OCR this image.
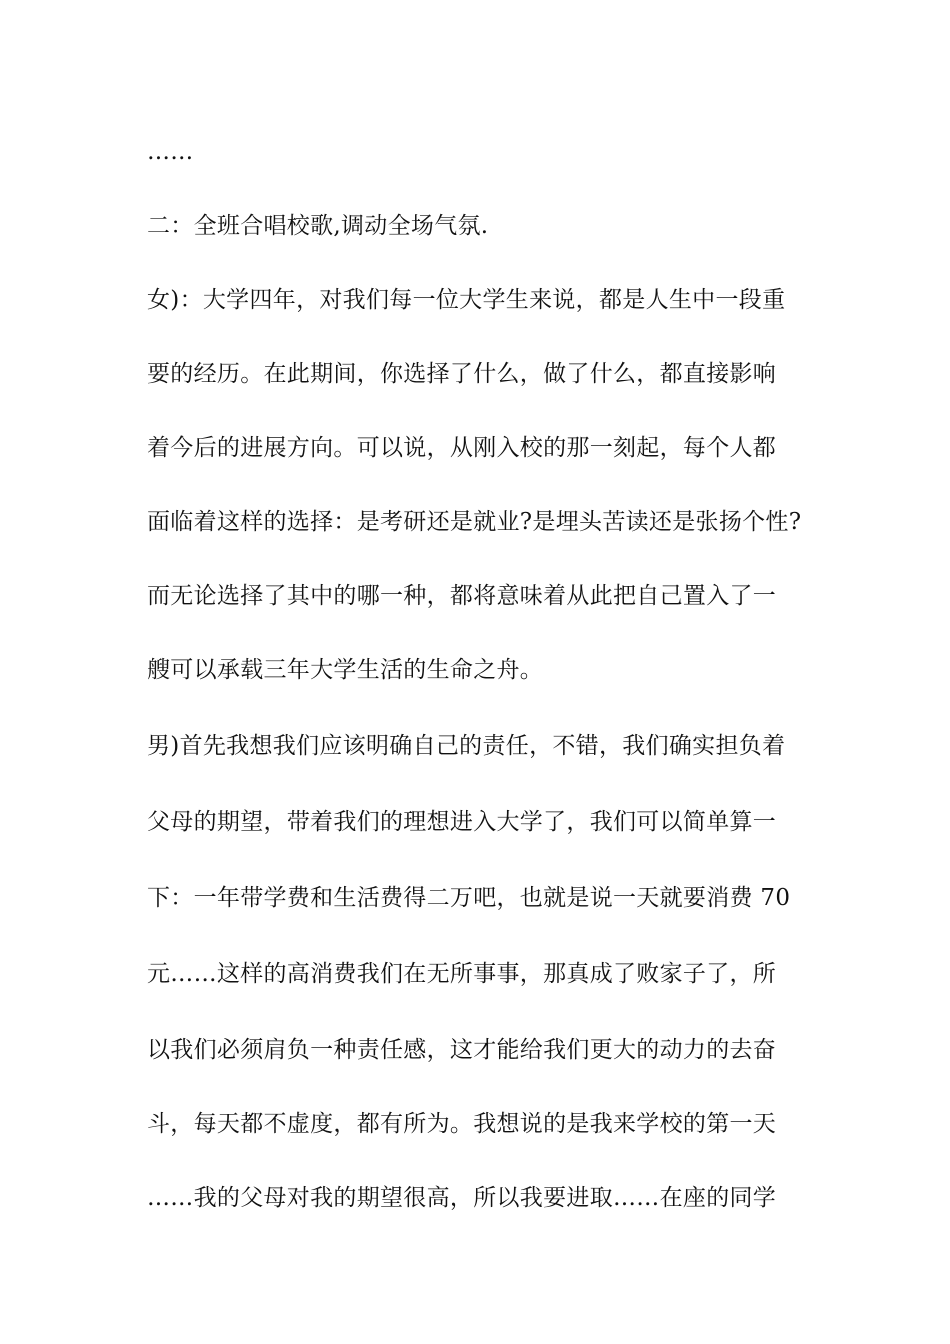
……
二：全班合唱校歌,调动全场气氛.
女)：大学四年，对我们每一位大学生来说，都是人生中一段重
要的经历。在此期间，你选择了什么，做了什么，都直接影响
着今后的进展方向。可以说，从刚入校的那一刻起，每个人都
面临着这样的选择：是考研还是就业?是埋头苦读还是张扬个性?
而无论选择了其中的哪一种，都将意味着从此把自己置入了一
艘可以承载三年大学生活的生命之舟。
男)首先我想我们应该明确自己的责任，不错，我们确实担负着
父母的期望，带着我们的理想进入大学了，我们可以简单算一
下：一年带学费和生活费得二万吧，也就是说一天就要消费 70
元……这样的高消费我们在无所事事，那真成了败家子了，所
以我们必须肩负一种责任感，这才能给我们更大的动力的去奋
斗，每天都不虚度，都有所为。我想说的是我来学校的第一天
……我的父母对我的期望很高，所以我要进取……在座的同学
